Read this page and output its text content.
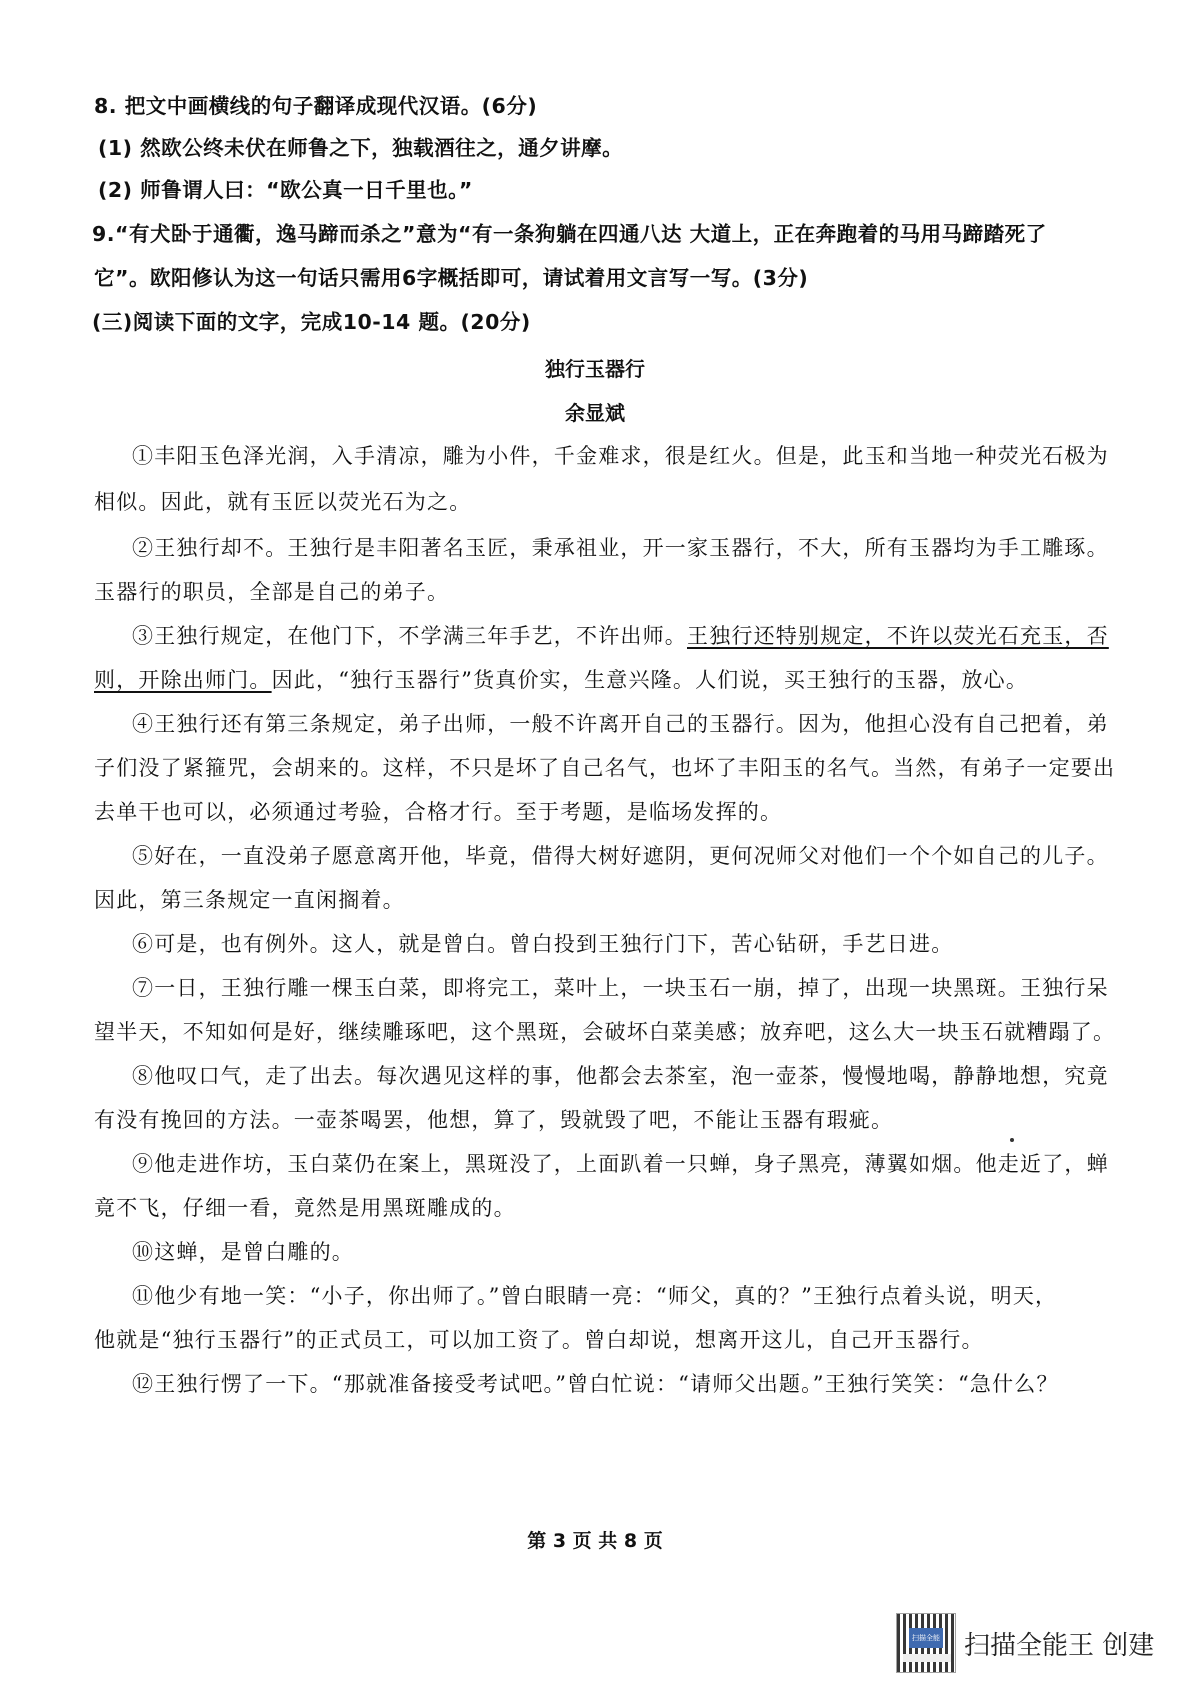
8. 把文中画横线的句子翻译成现代汉语。(6分)
(1) 然欧公终未伏在师鲁之下，独载酒往之，通夕讲摩。
(2) 师鲁谓人曰：“欧公真一日千里也。”
9.“有犬卧于通衢，逸马蹄而杀之”意为“有一条狗躺在四通八达 大道上，正在奔跑着的马用马蹄踏死了
它”。欧阳修认为这一句话只需用6字概括即可，请试着用文言写一写。(3分)
(三)阅读下面的文字，完成10-14 题。(20分)
独行玉器行
余显斌
①丰阳玉色泽光润，入手清凉，雕为小件，千金难求，很是红火。但是，此玉和当地一种荧光石极为
相似。因此，就有玉匠以荧光石为之。
②王独行却不。王独行是丰阳著名玉匠，秉承祖业，开一家玉器行，不大，所有玉器均为手工雕琢。
玉器行的职员，全部是自己的弟子。
③王独行规定，在他门下，不学满三年手艺，不许出师。王独行还特别规定，不许以荧光石充玉，否
则，开除出师门。因此，“独行玉器行”货真价实，生意兴隆。人们说，买王独行的玉器，放心。
④王独行还有第三条规定，弟子出师，一般不许离开自己的玉器行。因为，他担心没有自己把着，弟
子们没了紧箍咒，会胡来的。这样，不只是坏了自己名气，也坏了丰阳玉的名气。当然，有弟子一定要出
去单干也可以，必须通过考验，合格才行。至于考题，是临场发挥的。
⑤好在，一直没弟子愿意离开他，毕竟，借得大树好遮阴，更何况师父对他们一个个如自己的儿子。
因此，第三条规定一直闲搁着。
⑥可是，也有例外。这人，就是曾白。曾白投到王独行门下，苦心钻研，手艺日进。
⑦一日，王独行雕一棵玉白菜，即将完工，菜叶上，一块玉石一崩，掉了，出现一块黑斑。王独行呆
望半天，不知如何是好，继续雕琢吧，这个黑斑，会破坏白菜美感；放弃吧，这么大一块玉石就糟蹋了。
⑧他叹口气，走了出去。每次遇见这样的事，他都会去茶室，泡一壶茶，慢慢地喝，静静地想，究竟
有没有挽回的方法。一壶茶喝罢，他想，算了，毁就毁了吧，不能让玉器有瑕疵。
⑨他走进作坊，玉白菜仍在案上，黑斑没了，上面趴着一只蝉，身子黑亮，薄翼如烟。他走近了，蝉
竟不飞，仔细一看，竟然是用黑斑雕成的。
⑩这蝉，是曾白雕的。
⑪他少有地一笑：“小子，你出师了。”曾白眼睛一亮：“师父，真的？”王独行点着头说，明天，
他就是“独行玉器行”的正式员工，可以加工资了。曾白却说，想离开这儿，自己开玉器行。
⑫王独行愣了一下。“那就准备接受考试吧。”曾白忙说：“请师父出题。”王独行笑笑：“急什么？
第 3 页 共 8 页
扫描全能 扫描全能王 创建
